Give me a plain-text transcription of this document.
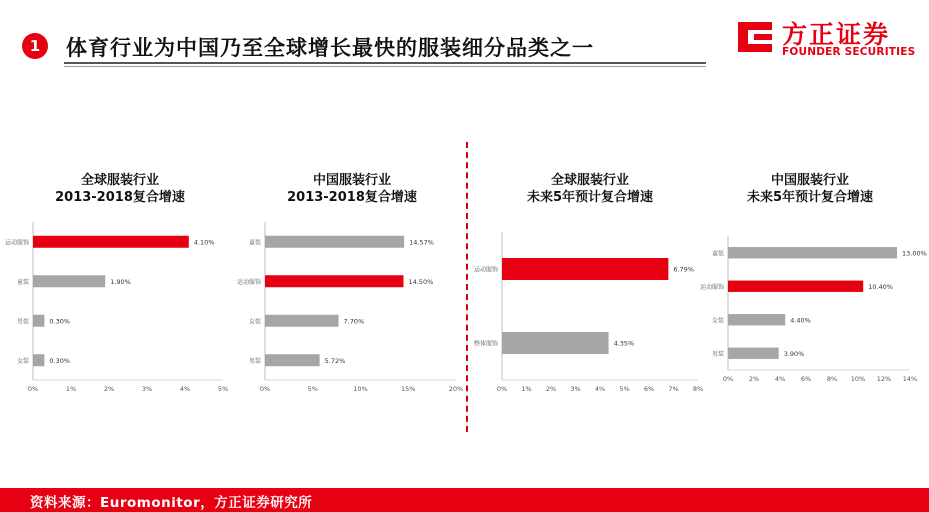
1	体育行业为中国乃至全球增长最快的服装细分品类之一	方正证券
FOUNDER SECURITIES
全球服装行业
2013-2018复合增速
运动服饰	4.10%
童装	1.90%
男装	0.30%
女装	0.30%
0%	1%	2%	3%	4%	5%
中国服装行业
2013-2018复合增速
童装	14.57%
运动服饰	14.50%
女装	7.70%
男装	5.72%
0%	5%	10%	15%	20%
全球服装行业
未来5年预计复合增速
运动服饰	6.79%
整体服饰	4.35%
0% 1% 2% 3% 4% 5% 6% 7% 8%
中国服装行业
未来5年预计复合增速
童装	13.00%
运动服饰	10.40%
女装	4.40%
男装	3.90%
0% 2% 4% 6% 8% 10% 12% 14%
资料来源：Euromonitor，方正证券研究所
